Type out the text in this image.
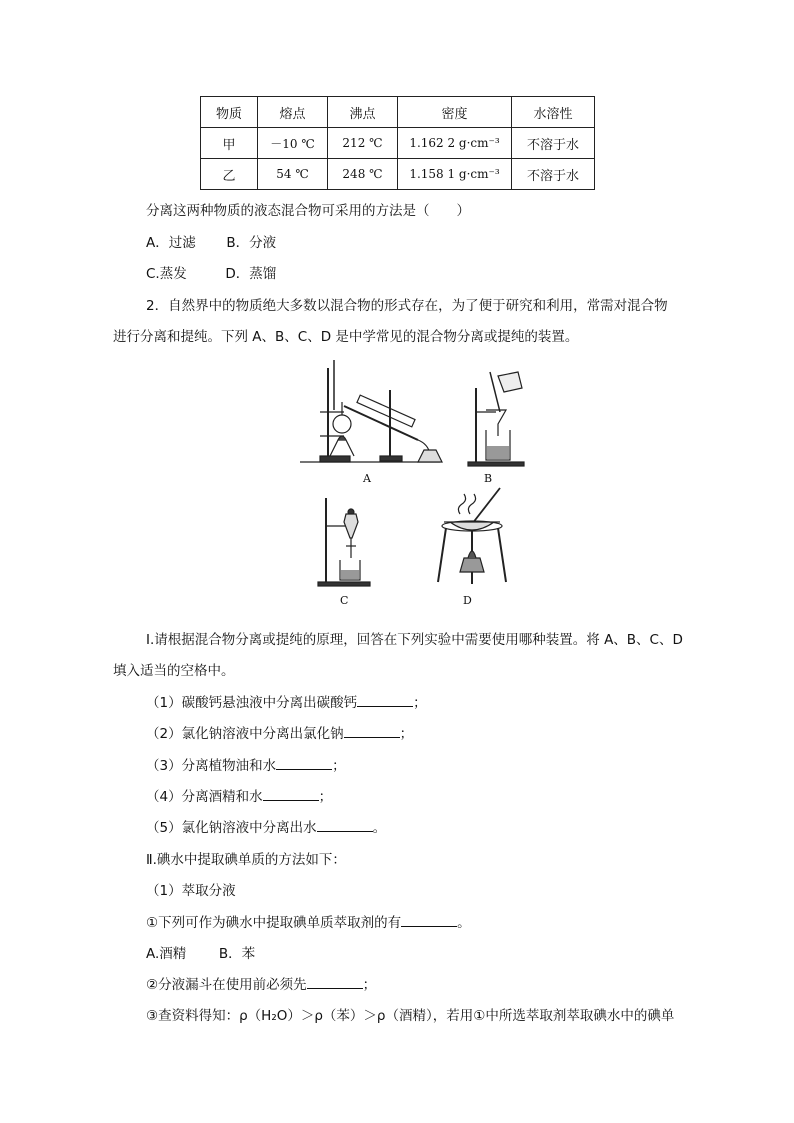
物质	熔点	沸点	密度	水溶性
甲	－10 ℃	212 ℃	1.162 2 g·cm⁻³	不溶于水
乙	54 ℃	248 ℃	1.158 1 g·cm⁻³	不溶于水
分离这两种物质的液态混合物可采用的方法是（　　）
A．过滤 B．分液
C.蒸发	D．蒸馏
2．自然界中的物质绝大多数以混合物的形式存在，为了便于研究和利用，常需对混合物
进行分离和提纯。下列 A、B、C、D 是中学常见的混合物分离或提纯的装置。
A	B
C	D
Ⅰ.请根据混合物分离或提纯的原理，回答在下列实验中需要使用哪种装置。将 A、B、C、D
填入适当的空格中。
（1）碳酸钙悬浊液中分离出碳酸钙	；
（2）氯化钠溶液中分离出氯化钠	；
（3）分离植物油和水	；
（4）分离酒精和水	；
（5）氯化钠溶液中分离出水	。
Ⅱ.碘水中提取碘单质的方法如下：
（1）萃取分液
①下列可作为碘水中提取碘单质萃取剂的有	。
A.酒精 B．苯
②分液漏斗在使用前必须先	；
③查资料得知：ρ（H₂O）＞ρ（苯）＞ρ（酒精），若用①中所选萃取剂萃取碘水中的碘单
